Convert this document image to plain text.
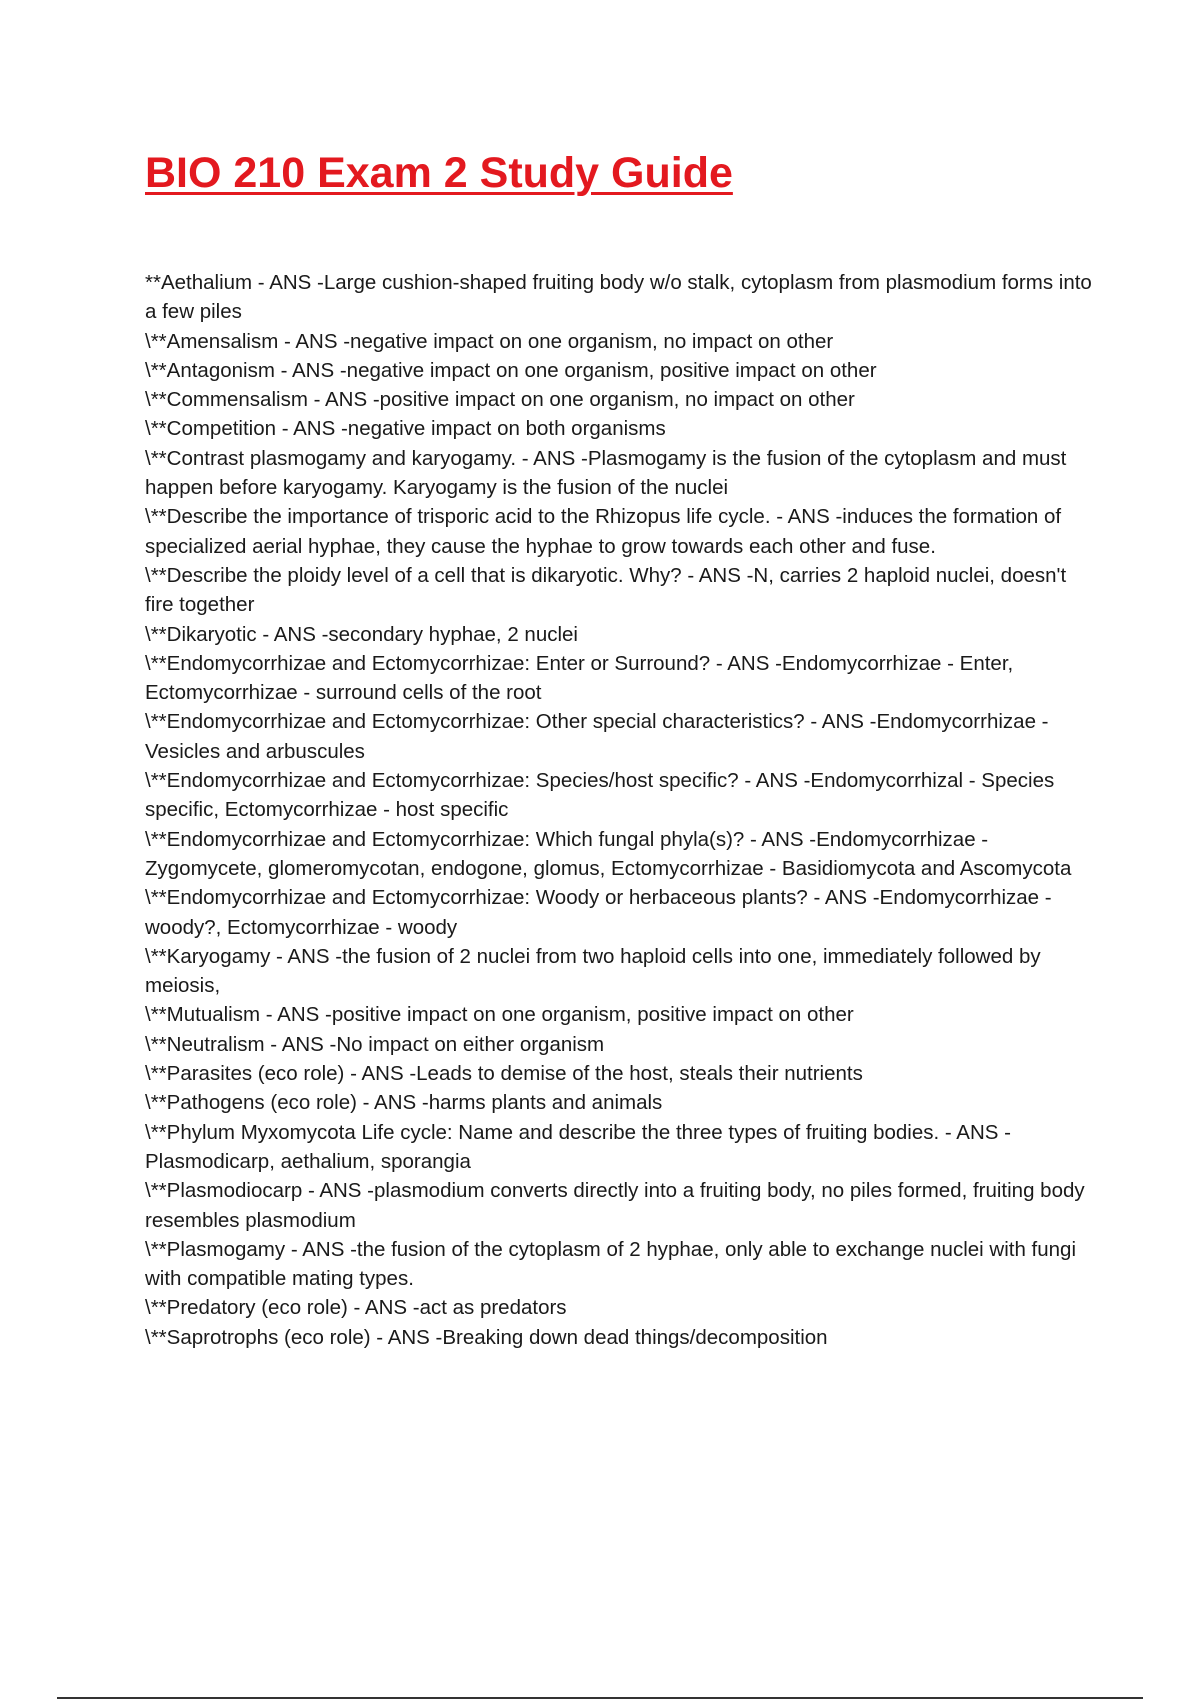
BIO 210 Exam 2 Study Guide
**Aethalium - ANS -Large cushion-shaped fruiting body w/o stalk, cytoplasm from plasmodium forms into a few piles
\**Amensalism - ANS -negative impact on one organism, no impact on other
\**Antagonism - ANS -negative impact on one organism, positive impact on other
\**Commensalism - ANS -positive impact on one organism, no impact on other
\**Competition - ANS -negative impact on both organisms
\**Contrast plasmogamy and karyogamy. - ANS -Plasmogamy is the fusion of the cytoplasm and must happen before karyogamy. Karyogamy is the fusion of the nuclei
\**Describe the importance of trisporic acid to the Rhizopus life cycle. - ANS -induces the formation of specialized aerial hyphae, they cause the hyphae to grow towards each other and fuse.
\**Describe the ploidy level of a cell that is dikaryotic. Why? - ANS -N, carries 2 haploid nuclei, doesn't fire together
\**Dikaryotic - ANS -secondary hyphae, 2 nuclei
\**Endomycorrhizae and Ectomycorrhizae: Enter or Surround? - ANS -Endomycorrhizae - Enter, Ectomycorrhizae - surround cells of the root
\**Endomycorrhizae and Ectomycorrhizae: Other special characteristics? - ANS -Endomycorrhizae - Vesicles and arbuscules
\**Endomycorrhizae and Ectomycorrhizae: Species/host specific? - ANS -Endomycorrhizal - Species specific, Ectomycorrhizae - host specific
\**Endomycorrhizae and Ectomycorrhizae: Which fungal phyla(s)? - ANS -Endomycorrhizae - Zygomycete, glomeromycotan, endogone, glomus, Ectomycorrhizae - Basidiomycota and Ascomycota
\**Endomycorrhizae and Ectomycorrhizae: Woody or herbaceous plants? - ANS -Endomycorrhizae - woody?, Ectomycorrhizae - woody
\**Karyogamy - ANS -the fusion of 2 nuclei from two haploid cells into one, immediately followed by meiosis,
\**Mutualism - ANS -positive impact on one organism, positive impact on other
\**Neutralism - ANS -No impact on either organism
\**Parasites (eco role) - ANS -Leads to demise of the host, steals their nutrients
\**Pathogens (eco role) - ANS -harms plants and animals
\**Phylum Myxomycota Life cycle: Name and describe the three types of fruiting bodies. - ANS -Plasmodicarp, aethalium, sporangia
\**Plasmodiocarp - ANS -plasmodium converts directly into a fruiting body, no piles formed, fruiting body resembles plasmodium
\**Plasmogamy - ANS -the fusion of the cytoplasm of 2 hyphae, only able to exchange nuclei with fungi with compatible mating types.
\**Predatory (eco role) - ANS -act as predators
\**Saprotrophs (eco role) - ANS -Breaking down dead things/decomposition
